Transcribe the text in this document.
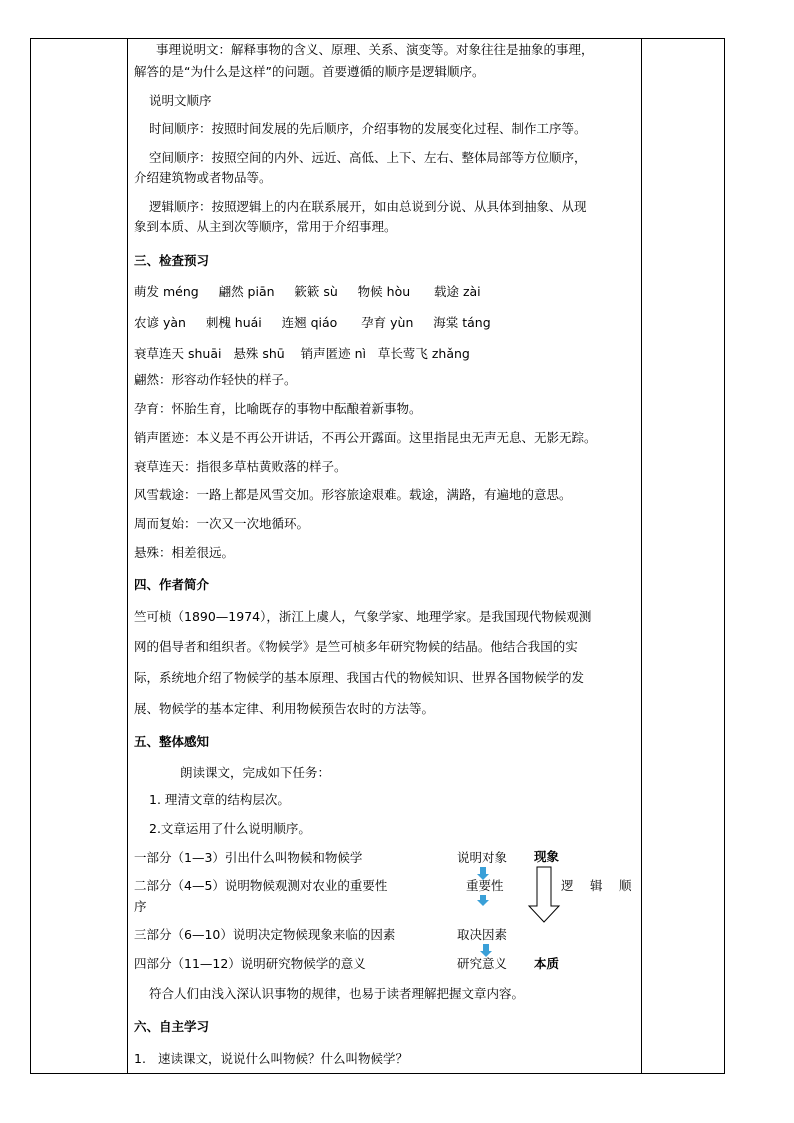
事理说明文：解释事物的含义、原理、关系、演变等。对象往往是抽象的事理，
解答的是“为什么是这样”的问题。首要遵循的顺序是逻辑顺序。
说明文顺序
时间顺序：按照时间发展的先后顺序，介绍事物的发展变化过程、制作工序等。
空间顺序：按照空间的内外、远近、高低、上下、左右、整体局部等方位顺序，
介绍建筑物或者物品等。
逻辑顺序：按照逻辑上的内在联系展开，如由总说到分说、从具体到抽象、从现
象到本质、从主到次等顺序，常用于介绍事理。
三、检查预习
萌发 méng     翩然 piān     簌簌 sù     物候 hòu      载途 zài
农谚 yàn     刺槐 huái     连翘 qiáo      孕育 yùn     海棠 táng
衰草连天 shuāi   悬殊 shū    销声匿迹 nì   草长莺飞 zhǎng
翩然：形容动作轻快的样子。
孕育：怀胎生育，比喻既存的事物中酝酿着新事物。
销声匿迹：本义是不再公开讲话，不再公开露面。这里指昆虫无声无息、无影无踪。
衰草连天：指很多草枯黄败落的样子。
风雪载途：一路上都是风雪交加。形容旅途艰难。载途，满路，有遍地的意思。
周而复始：一次又一次地循环。
悬殊：相差很远。
四、作者简介
竺可桢（1890—1974），浙江上虞人，气象学家、地理学家。是我国现代物候观测
网的倡导者和组织者。《物候学》是竺可桢多年研究物候的结晶。他结合我国的实
际，系统地介绍了物候学的基本原理、我国古代的物候知识、世界各国物候学的发
展、物候学的基本定律、利用物候预告农时的方法等。
五、整体感知
朗读课文，完成如下任务：
1. 理清文章的结构层次。
2.文章运用了什么说明顺序。
一部分（1—3）引出什么叫物候和物候学
二部分（4—5）说明物候观测对农业的重要性
序
三部分（6—10）说明决定物候现象来临的因素
四部分（11—12）说明研究物候学的意义
说明对象
重要性
取决因素
研究意义
现象
本质
逻 辑 顺
符合人们由浅入深认识事物的规律，也易于读者理解把握文章内容。
六、自主学习
1. 速读课文，说说什么叫物候？什么叫物候学？
